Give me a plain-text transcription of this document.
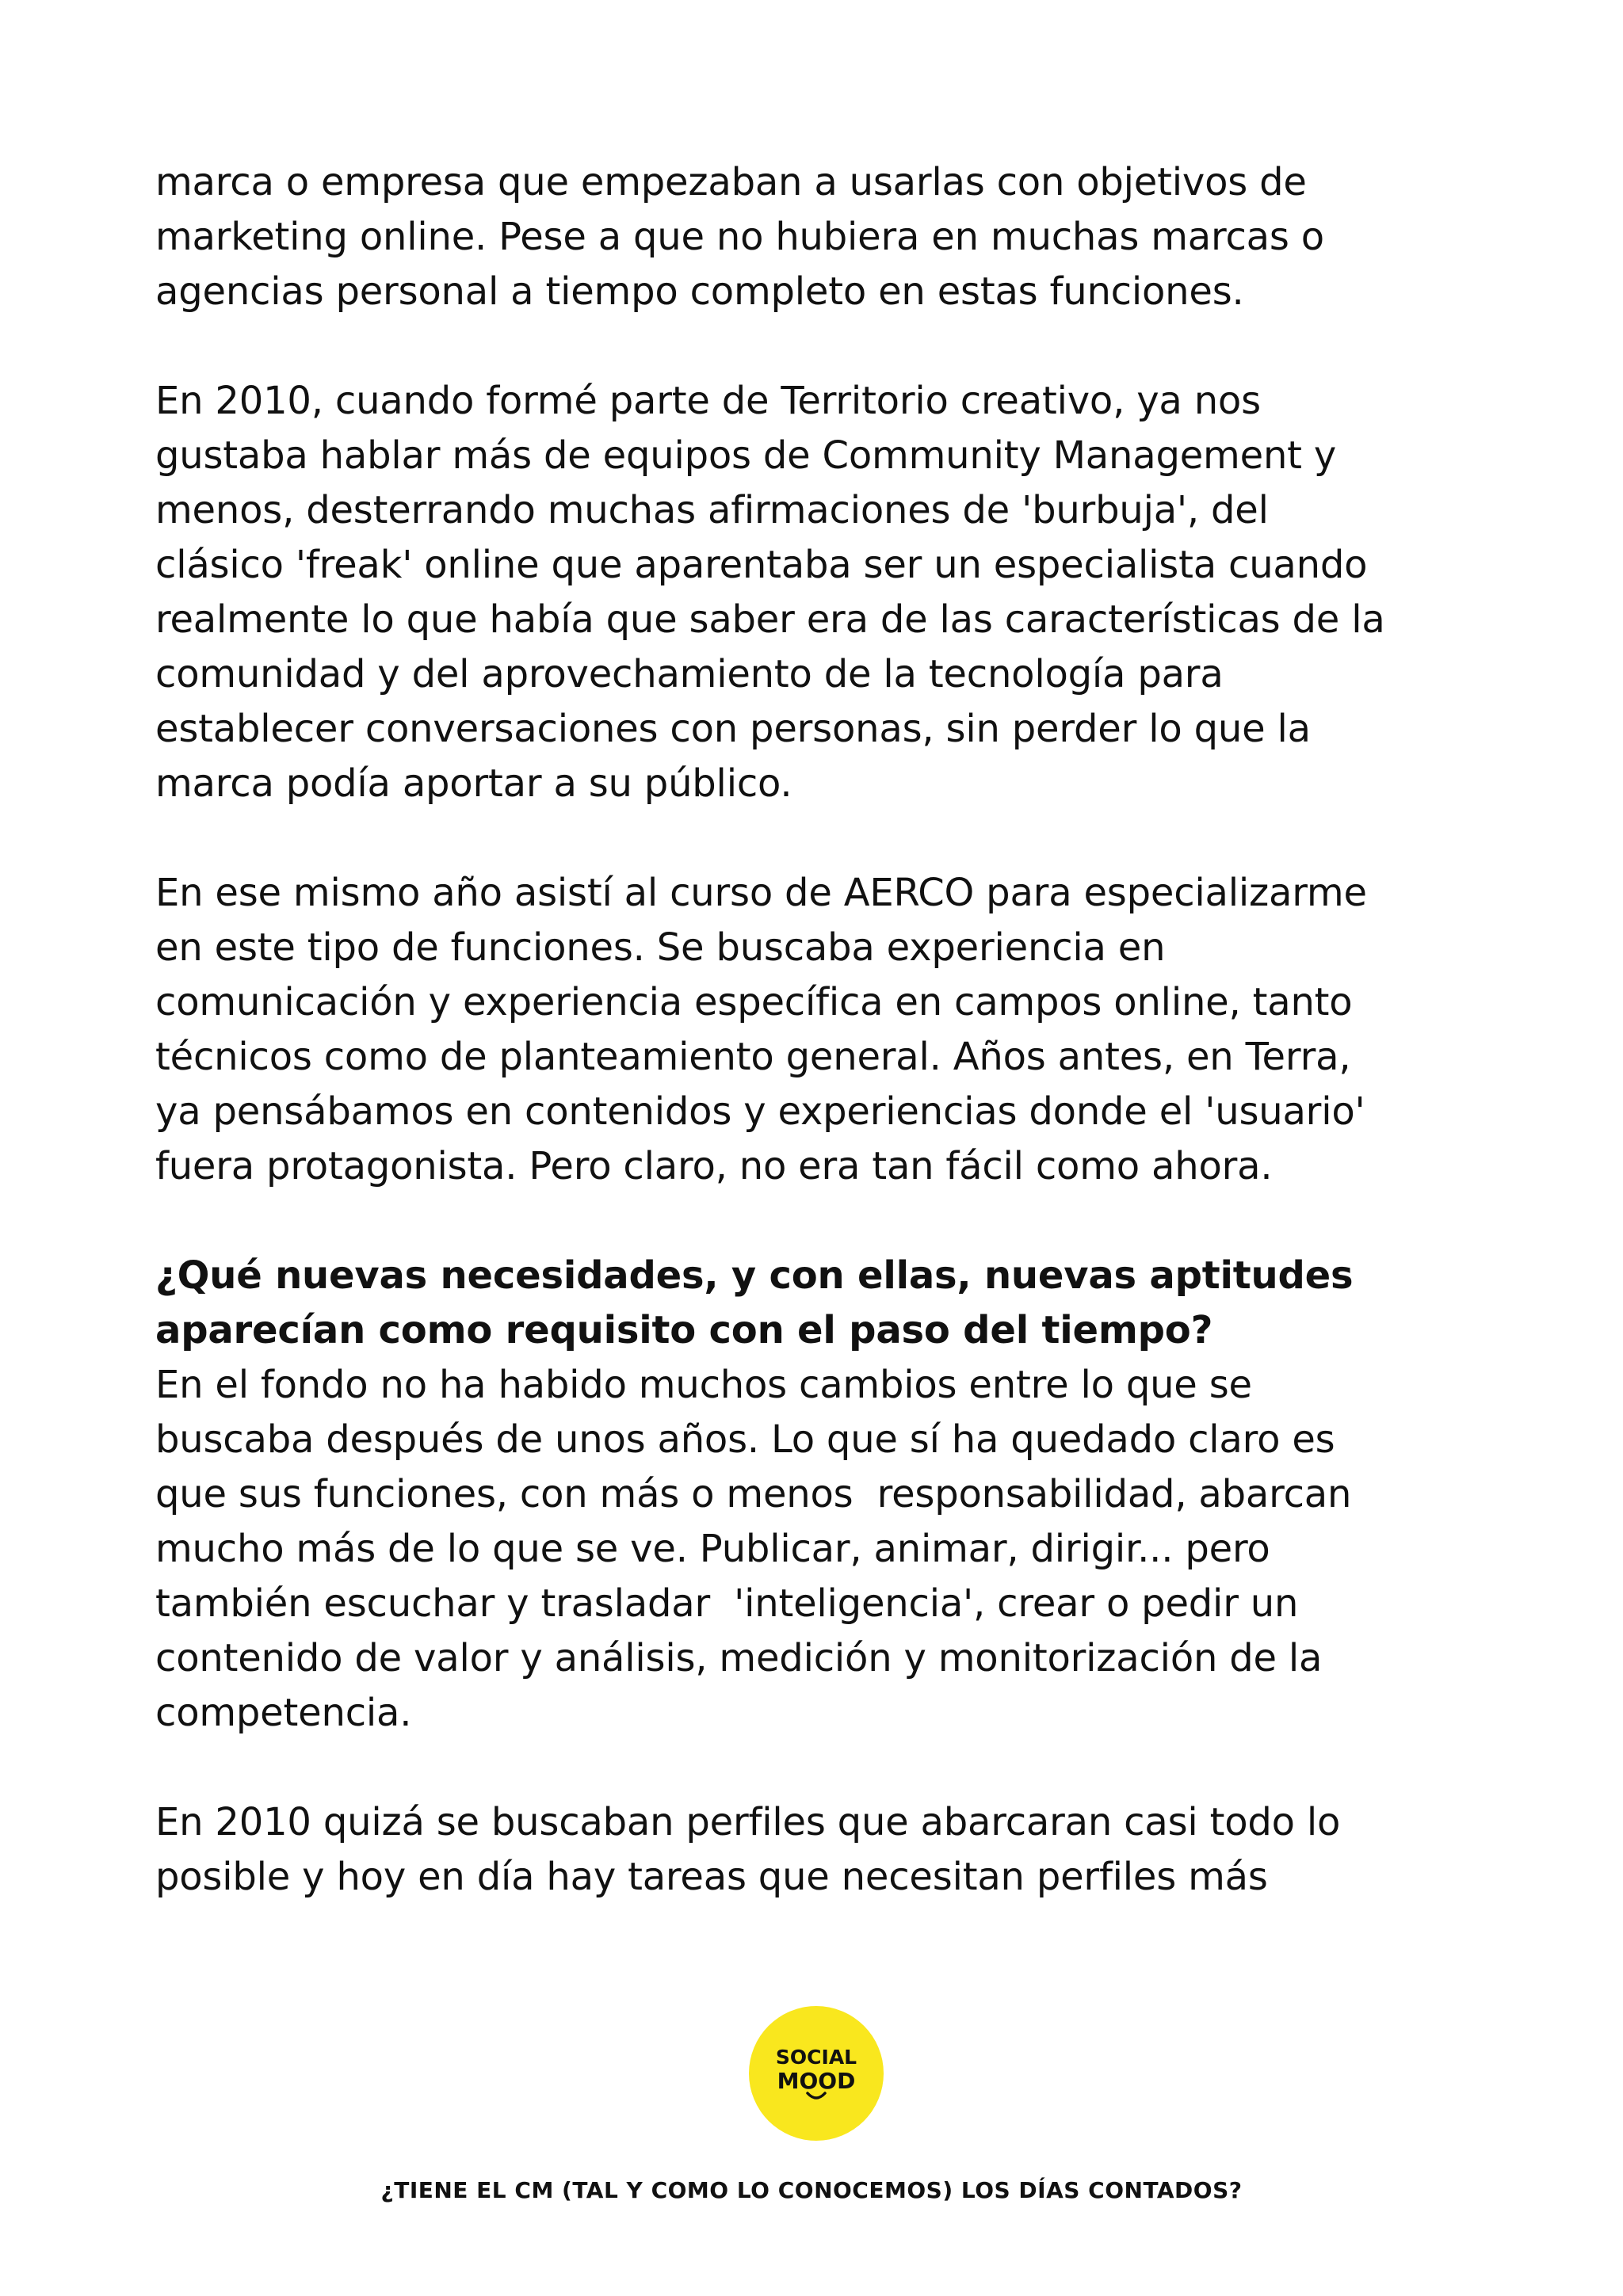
marca o empresa que empezaban a usarlas con objetivos de
marketing online. Pese a que no hubiera en muchas marcas o
agencias personal a tiempo completo en estas funciones.
En 2010, cuando formé parte de Territorio creativo, ya nos
gustaba hablar más de equipos de Community Management y
menos, desterrando muchas afirmaciones de 'burbuja', del
clásico 'freak' online que aparentaba ser un especialista cuando
realmente lo que había que saber era de las características de la
comunidad y del aprovechamiento de la tecnología para
establecer conversaciones con personas, sin perder lo que la
marca podía aportar a su público.
En ese mismo año asistí al curso de AERCO para especializarme
en este tipo de funciones. Se buscaba experiencia en
comunicación y experiencia específica en campos online, tanto
técnicos como de planteamiento general. Años antes, en Terra,
ya pensábamos en contenidos y experiencias donde el 'usuario'
fuera protagonista. Pero claro, no era tan fácil como ahora.
¿Qué nuevas necesidades, y con ellas, nuevas aptitudes
aparecían como requisito con el paso del tiempo?
En el fondo no ha habido muchos cambios entre lo que se
buscaba después de unos años. Lo que sí ha quedado claro es
que sus funciones, con más o menos  responsabilidad, abarcan
mucho más de lo que se ve. Publicar, animar, dirigir... pero
también escuchar y trasladar  'inteligencia', crear o pedir un
contenido de valor y análisis, medición y monitorización de la
competencia.
En 2010 quizá se buscaban perfiles que abarcaran casi todo lo
posible y hoy en día hay tareas que necesitan perfiles más
SOCIAL
MOOD
¿TIENE EL CM (TAL Y COMO LO CONOCEMOS) LOS DÍAS CONTADOS?
